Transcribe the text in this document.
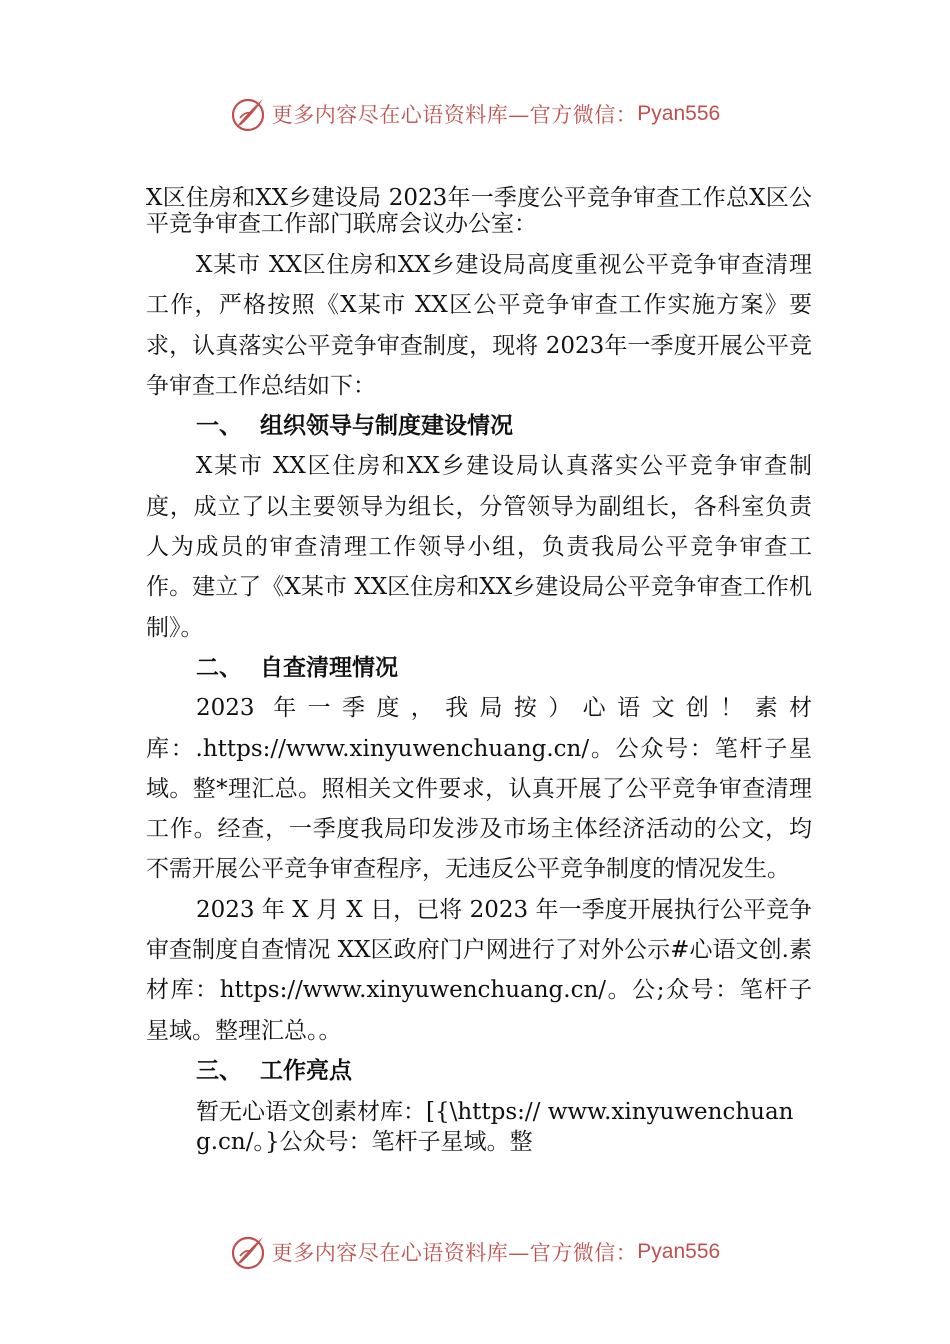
更多内容尽在心语资料库—官方微信： Pyan556

X区住房和XX乡建设局 2023年一季度公平竞争审查工作总X区公平竞争审查工作部门联席会议办公室：

X某市 XX区住房和XX乡建设局高度重视公平竞争审查清理工作，严格按照《X某市 XX区公平竞争审查工作实施方案》要求，认真落实公平竞争审查制度，现将 2023年一季度开展公平竞争审查工作总结如下：

一、 组织领导与制度建设情况

X某市 XX区住房和XX乡建设局认真落实公平竞争审查制度，成立了以主要领导为组长，分管领导为副组长，各科室负责人为成员的审查清理工作领导小组，负责我局公平竞争审查工作。建立了《X某市 XX区住房和XX乡建设局公平竞争审查工作机制》。

二、 自查清理情况

2023 年一季度，我局按）心语文创！素材库：.https://www.xinyuwenchuang.cn/。公众号：笔杆子星域。整*理汇总。照相关文件要求，认真开展了公平竞争审查清理工作。经查，一季度我局印发涉及市场主体经济活动的公文，均不需开展公平竞争审查程序，无违反公平竞争制度的情况发生。

2023 年 X 月 X 日，已将 2023 年一季度开展执行公平竞争审查制度自查情况 XX区政府门户网进行了对外公示#心语文创.素材库：https://www.xinyuwenchuang.cn/。公;众号：笔杆子星域。整理汇总。。

三、 工作亮点

暂无心语文创素材库：[{\https:// www.xinyuwenchuang.cn/。}公众号：笔杆子星域。整

更多内容尽在心语资料库—官方微信： Pyan556
